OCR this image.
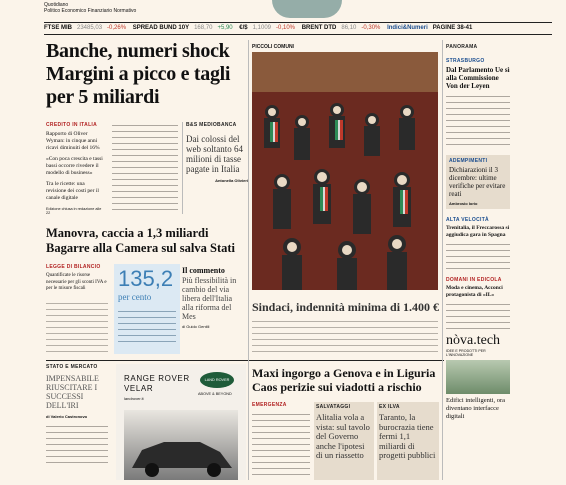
Quotidiano
Politico Economico Finanziario Normativo
FTSE MIB 23485,03 -0,26% SPREAD BUND 10Y 168,70 +5,90 €/$ 1,1009 -0,10% BRENT DTD 86,10 -0,30% Indici&Numeri PAGINE 38-41
Banche, numeri shock Margini a picco e tagli per 5 miliardi
CREDITO IN ITALIA
Rapporto di Oliver Wyman: in cinque anni ricavi diminuiti del 16%
«Con poca crescita e tassi bassi occorre rivedere il modello di business»
Tra le ricette: una revisione dei costi per il canale digitale
Edizione chiusa in redazione alle 22
B&S MEDIOBANCA
Dai colossi del web soltanto 64 milioni di tasse pagate in Italia
Antonella Olivieri
PICCOLI COMUNI
Sindaci, indennità minima di 1.400 €
Manovra, caccia a 1,3 miliardi Bagarre alla Camera sul salva Stati
LEGGE DI BILANCIO
Quantificate le risorse necessarie per gli sconti IVA e per le misure fiscali	135,2
per cento
Il commento
Più flessibilità in cambio del via libera dell'Italia alla riforma del Mes
di Guido Gentili
Maxi ingorgo a Genova e in Liguria Caos perizie sui viadotti a rischio
EMERGENZA	SALVATAGGI
Alitalia vola a vista: sul tavolo del Governo anche l'ipotesi di un riassetto
EX ILVA
Taranto, la burocrazia tiene fermi 1,1 miliardi di progetti pubblici
STATO E MERCATO
IMPENSABILE RIUSCITARE I SUCCESSI DELL'IRI
di Valerio Castronovo
RANGE ROVER
VELAR
landrover.it
LAND ROVER
ABOVE & BEYOND
PANORAMA
STRASBURGO
Dal Parlamento Ue sì alla Commissione Von der Leyen
ADEMPIMENTI
Dichiarazioni il 3 dicembre: ultime verifiche per evitare reati
Ambrosio Iorio
ALTA VELOCITÀ
Trenitalia, il Freccarossa si aggiudica gara in Spagna
DOMANI IN EDICOLA
Moda e cinema, Acconci protagonista di «IL»
nòva.tech
IDEE E PRODOTTI PER L'INNOVAZIONE
Edifici intelligenti, ora diventano interfacce digitali
